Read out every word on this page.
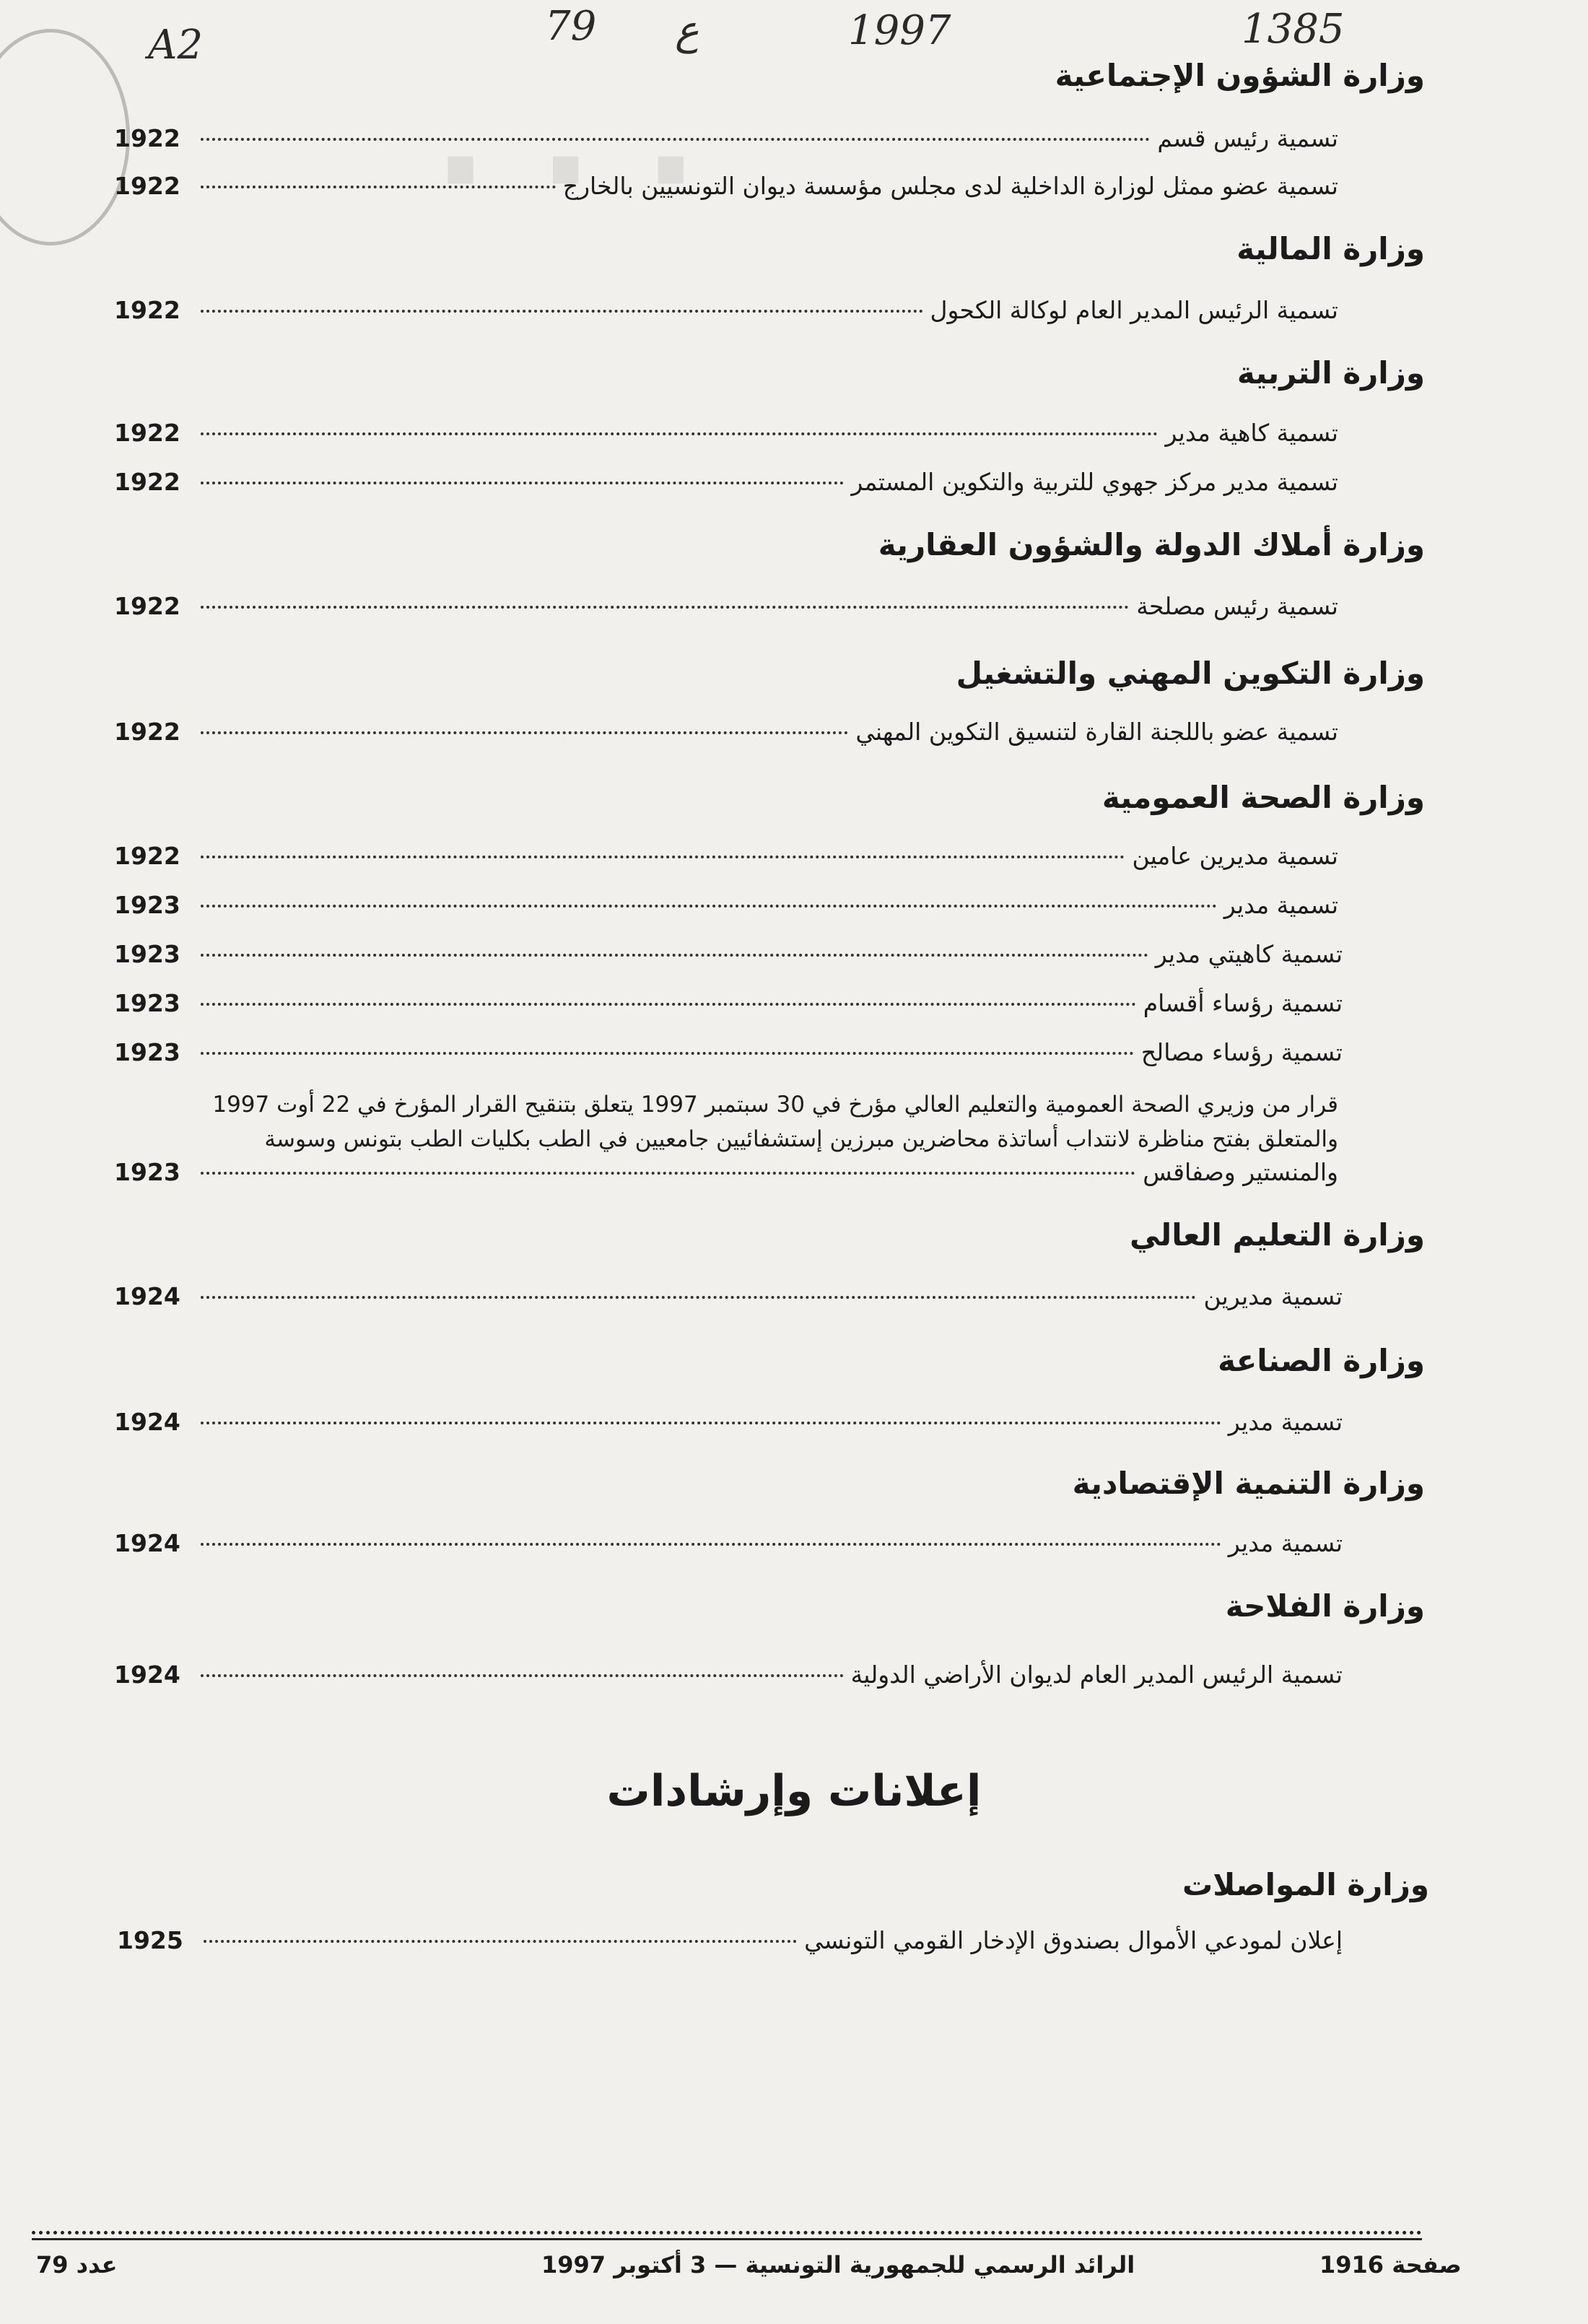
· · ·
A2	79 ع	1997	1385
وزارة الشؤون الإجتماعية
1922	تسمية رئيس قسم
1922	تسمية عضو ممثل لوزارة الداخلية لدى مجلس مؤسسة ديوان التونسيين بالخارج
وزارة المالية
1922	تسمية الرئيس المدير العام لوكالة الكحول
وزارة التربية
1922	تسمية كاهية مدير
1922	تسمية مدير مركز جهوي للتربية والتكوين المستمر
وزارة أملاك الدولة والشؤون العقارية
1922	تسمية رئيس مصلحة
وزارة التكوين المهني والتشغيل
1922	تسمية عضو باللجنة القارة لتنسيق التكوين المهني
وزارة الصحة العمومية
1922	تسمية مديرين عامين
1923	تسمية مدير
1923	تسمية كاهيتي مدير
1923	تسمية رؤساء أقسام
1923	تسمية رؤساء مصالح
قرار من وزيري الصحة العمومية والتعليم العالي مؤرخ في 30 سبتمبر 1997 يتعلق بتنقيح القرار المؤرخ في 22 أوت 1997
والمتعلق بفتح مناظرة لانتداب أساتذة محاضرين مبرزين إستشفائيين جامعيين في الطب بكليات الطب بتونس وسوسة
1923	والمنستير وصفاقس
وزارة التعليم العالي
1924	تسمية مديرين
وزارة الصناعة
1924	تسمية مدير
وزارة التنمية الإقتصادية
1924	تسمية مدير
وزارة الفلاحة
1924	تسمية الرئيس المدير العام لديوان الأراضي الدولية
إعلانات وإرشادات
وزارة المواصلات
1925	إعلان لمودعي الأموال بصندوق الإدخار القومي التونسي
عدد 79	الرائد الرسمي للجمهورية التونسية — 3 أكتوبر 1997	صفحة 1916
